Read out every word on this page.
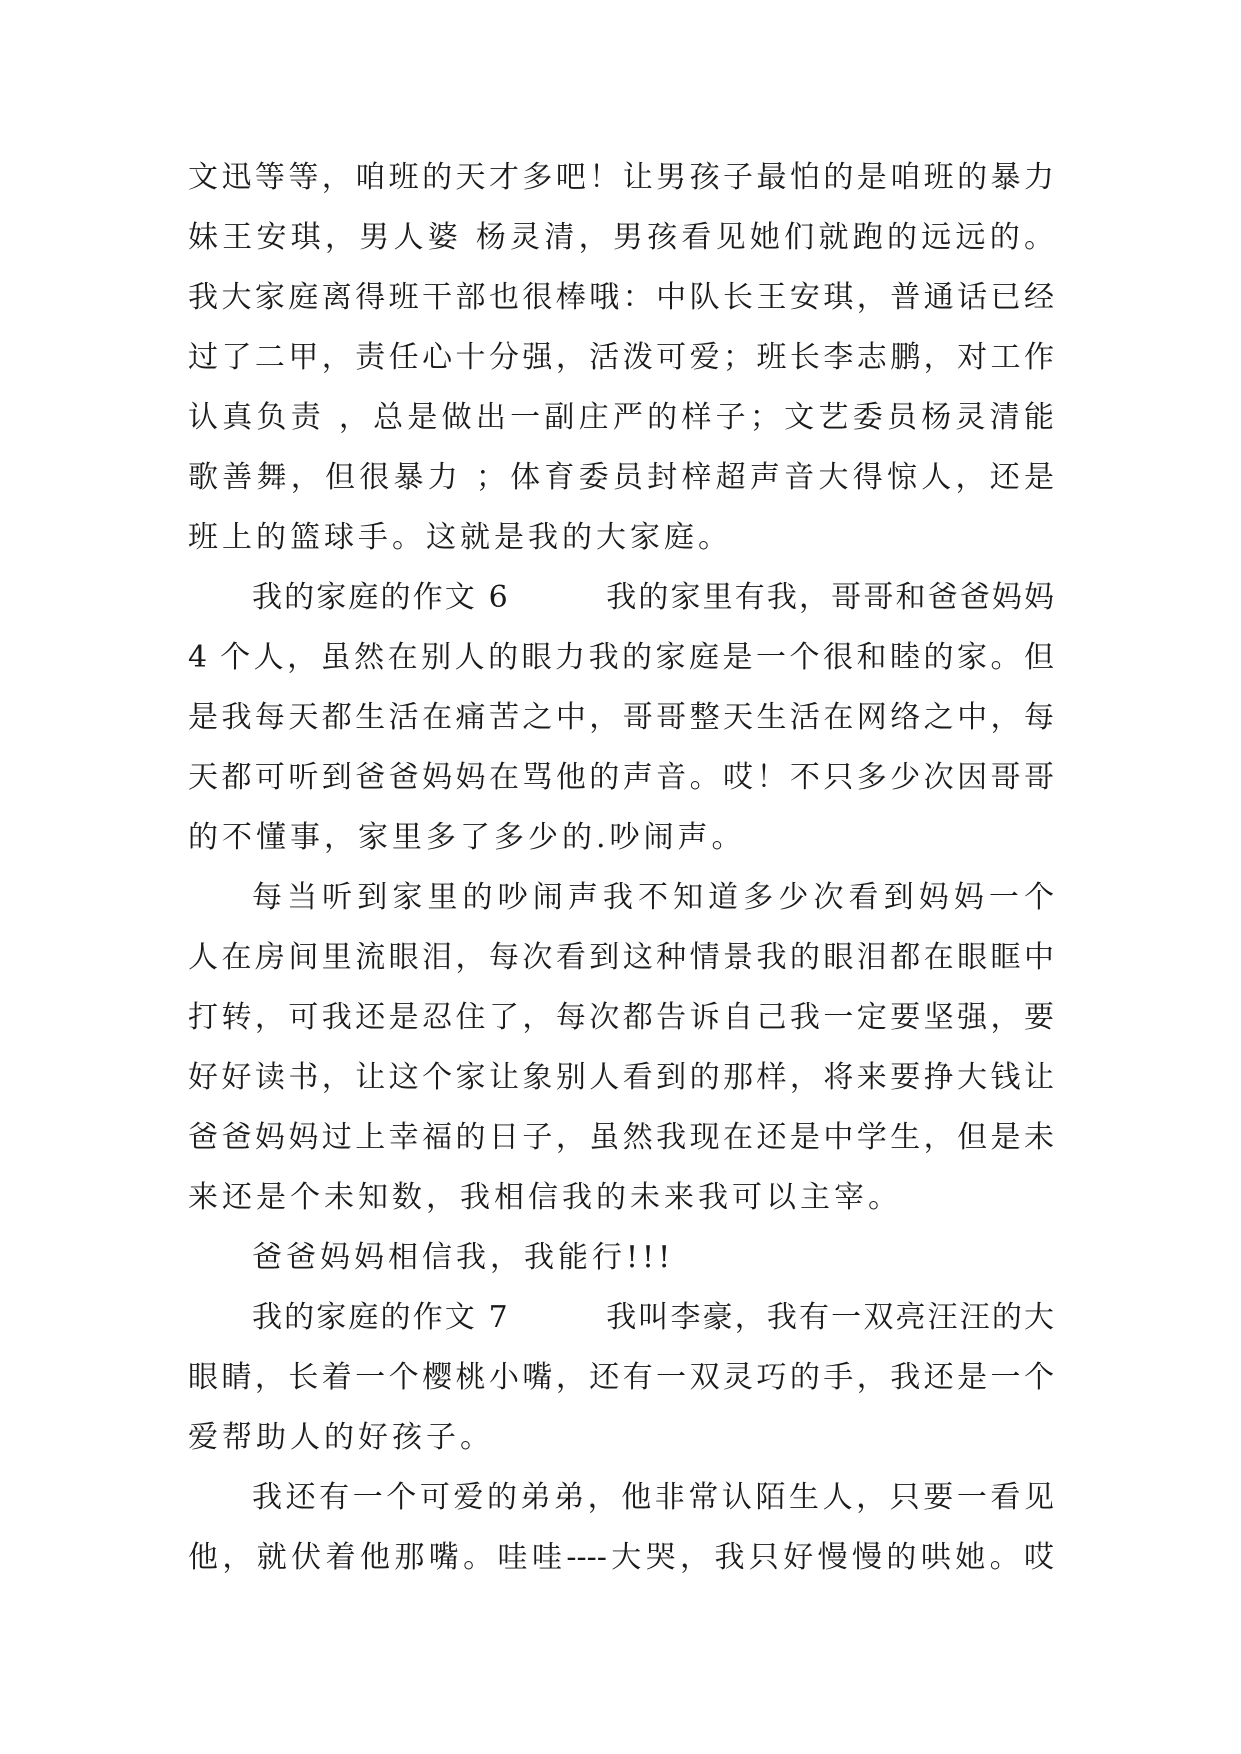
文迅等等，咱班的天才多吧！让男孩子最怕的是咱班的暴力
妹王安琪，男人婆 杨灵清，男孩看见她们就跑的远远的。
我大家庭离得班干部也很棒哦：中队长王安琪，普通话已经
过了二甲，责任心十分强，活泼可爱；班长李志鹏，对工作
认真负责 ，总是做出一副庄严的样子；文艺委员杨灵清能
歌善舞，但很暴力 ；体育委员封梓超声音大得惊人，还是
班上的篮球手。这就是我的大家庭。
我的家庭的作文 6　　　我的家里有我，哥哥和爸爸妈妈
4 个人，虽然在别人的眼力我的家庭是一个很和睦的家。但
是我每天都生活在痛苦之中，哥哥整天生活在网络之中，每
天都可听到爸爸妈妈在骂他的声音。哎！不只多少次因哥哥
的不懂事，家里多了多少的.吵闹声。
每当听到家里的吵闹声我不知道多少次看到妈妈一个
人在房间里流眼泪，每次看到这种情景我的眼泪都在眼眶中
打转，可我还是忍住了，每次都告诉自己我一定要坚强，要
好好读书，让这个家让象别人看到的那样，将来要挣大钱让
爸爸妈妈过上幸福的日子，虽然我现在还是中学生，但是未
来还是个未知数，我相信我的未来我可以主宰。
爸爸妈妈相信我，我能行!!!
我的家庭的作文 7　　　我叫李豪，我有一双亮汪汪的大
眼睛，长着一个樱桃小嘴，还有一双灵巧的手，我还是一个
爱帮助人的好孩子。
我还有一个可爱的弟弟，他非常认陌生人，只要一看见
他，就伏着他那嘴。哇哇----大哭，我只好慢慢的哄她。哎
